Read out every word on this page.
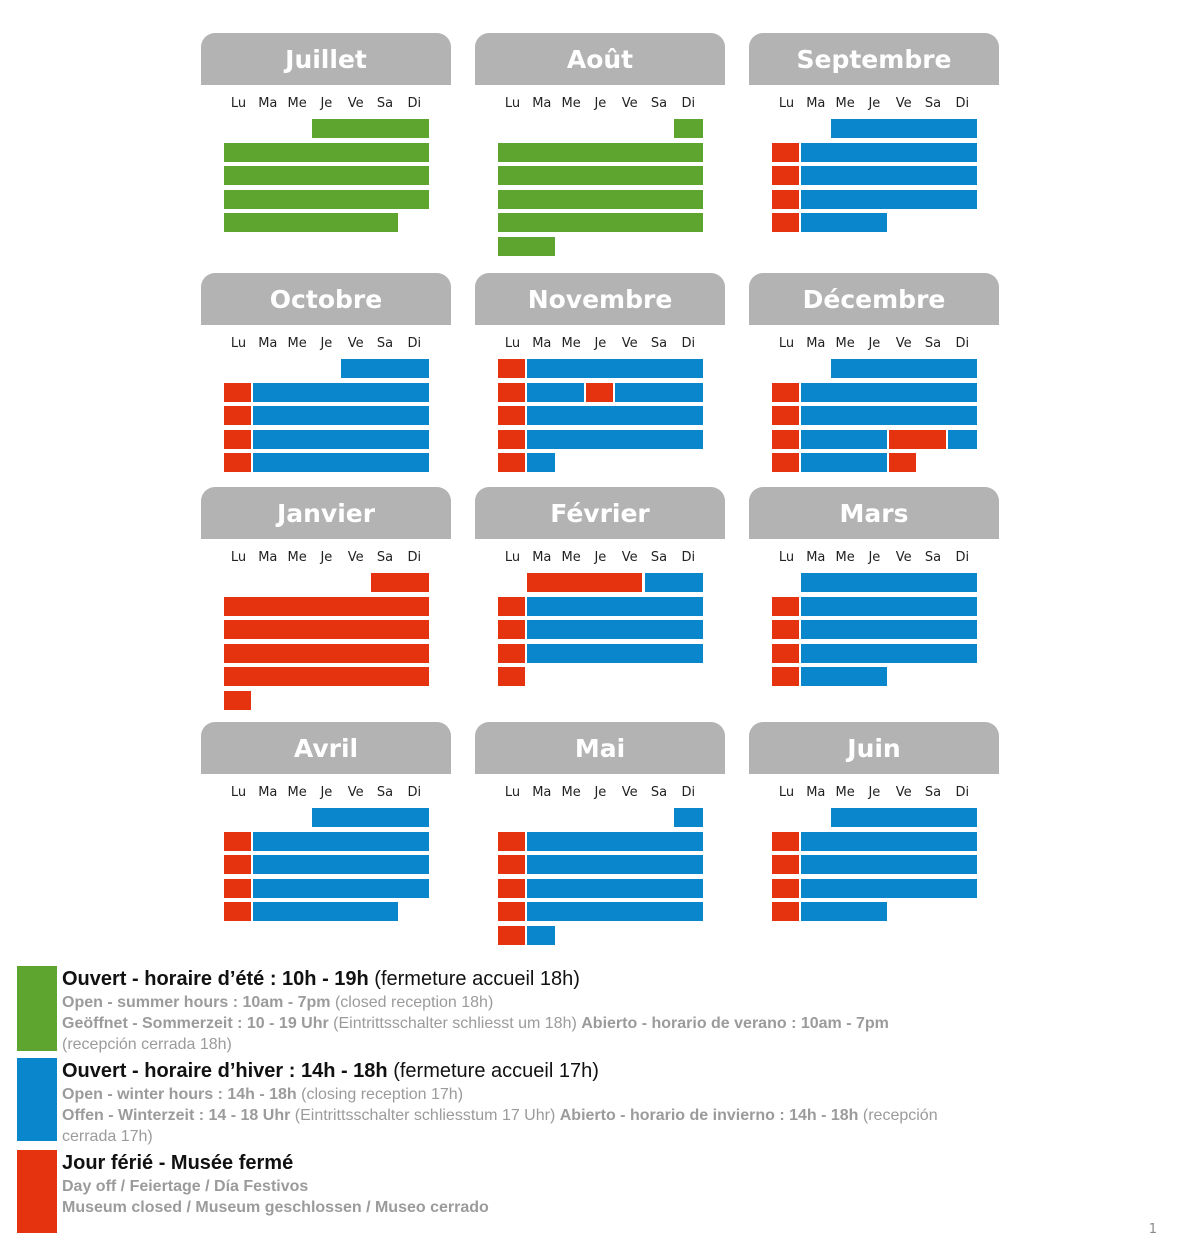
Juillet
Lu Ma Me	Je	Ve	Sa	Di
Août
Lu Ma Me	Je	Ve	Sa	Di
Septembre
Lu Ma Me	Je	Ve	Sa	Di
Octobre
Lu Ma Me	Je	Ve	Sa	Di
Novembre
Lu Ma Me	Je	Ve	Sa	Di
Décembre
Lu Ma Me	Je	Ve	Sa	Di
Janvier
Lu Ma Me	Je	Ve	Sa	Di
Février
Lu Ma Me	Je	Ve	Sa	Di
Mars
Lu Ma Me	Je	Ve	Sa	Di
Avril
Lu Ma Me	Je	Ve	Sa	Di
Mai
Lu Ma Me	Je	Ve	Sa	Di
Juin
Lu Ma Me	Je	Ve	Sa	Di
Ouvert - horaire d’été : 10h - 19h (fermeture accueil 18h)
Open - summer hours : 10am - 7pm (closed reception 18h)
Geöffnet - Sommerzeit : 10 - 19 Uhr (Eintrittsschalter schliesst um 18h) Abierto - horario de verano : 10am - 7pm (recepción cerrada 18h)
Ouvert - horaire d’hiver : 14h - 18h (fermeture accueil 17h)
Open - winter hours : 14h - 18h (closing reception 17h)
Offen - Winterzeit : 14 - 18 Uhr (Eintrittsschalter schliesstum 17 Uhr) Abierto - horario de invierno : 14h - 18h (recepción cerrada 17h)
Jour férié - Musée fermé
Day off / Feiertage / Día Festivos
Museum closed / Museum geschlossen / Museo cerrado
1
